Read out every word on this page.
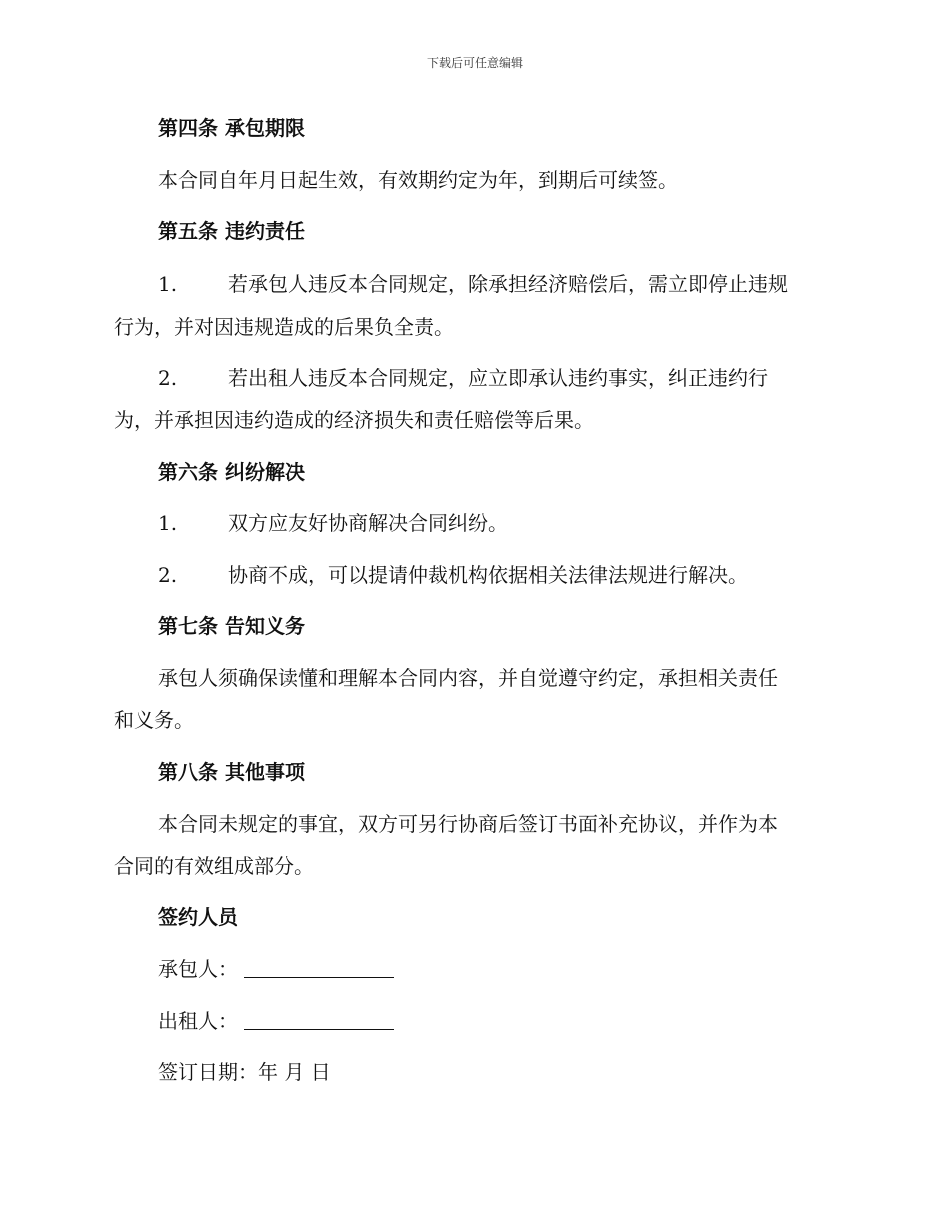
下载后可任意编辑
第四条 承包期限
本合同自年月日起生效，有效期约定为年，到期后可续签。
第五条 违约责任
1.	若承包人违反本合同规定，除承担经济赔偿后，需立即停止违规
行为，并对因违规造成的后果负全责。
2.	若出租人违反本合同规定，应立即承认违约事实，纠正违约行
为，并承担因违约造成的经济损失和责任赔偿等后果。
第六条 纠纷解决
1.	双方应友好协商解决合同纠纷。
2.	协商不成，可以提请仲裁机构依据相关法律法规进行解决。
第七条 告知义务
承包人须确保读懂和理解本合同内容，并自觉遵守约定，承担相关责任
和义务。
第八条 其他事项
本合同未规定的事宜，双方可另行协商后签订书面补充协议，并作为本
合同的有效组成部分。
签约人员
承包人：
出租人：
签订日期：年 月 日
